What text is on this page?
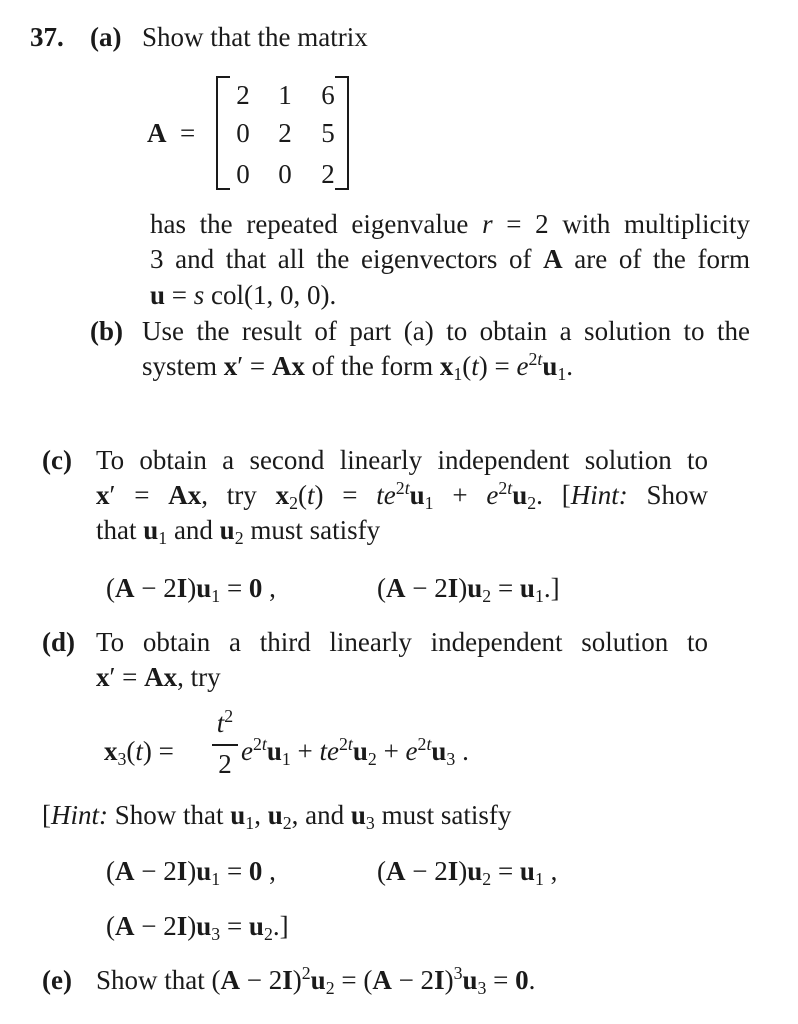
37. (a) Show that the matrix
A =
2	1	6
0	2	5
0	0	2
has the repeated eigenvalue r = 2 with multiplicity
3 and that all the eigenvectors of A are of the form
u = s col(1, 0, 0).
(b) Use the result of part (a) to obtain a solution to the
system x′ = Ax of the form $x_1(t) = e^{2t}u_1$.
(c) To obtain a second linearly independent solution to
x′ = Ax, try $x_2(t) = te^{2t}u_1 + e^{2t}u_2$. [Hint: Show
that $u_1$ and $u_2$ must satisfy
$(A - 2I)u_1 = 0$ ,	$(A - 2I)u_2 = u_1$.]
(d) To obtain a third linearly independent solution to
x′ = Ax, try
$x_3(t)$ =
$t^2$
2 $e^{2t}u_1 + te^{2t}u_2 + e^{2t}u_3$ .
[Hint: Show that $u_1$, $u_2$, and $u_3$ must satisfy
$(A - 2I)u_1 = 0$ ,	$(A - 2I)u_2 = u_1$ ,
$(A - 2I)u_3 = u_2$.]
(e) Show that $(A - 2I)^2u_2 = (A - 2I)^3u_3 = 0$.
